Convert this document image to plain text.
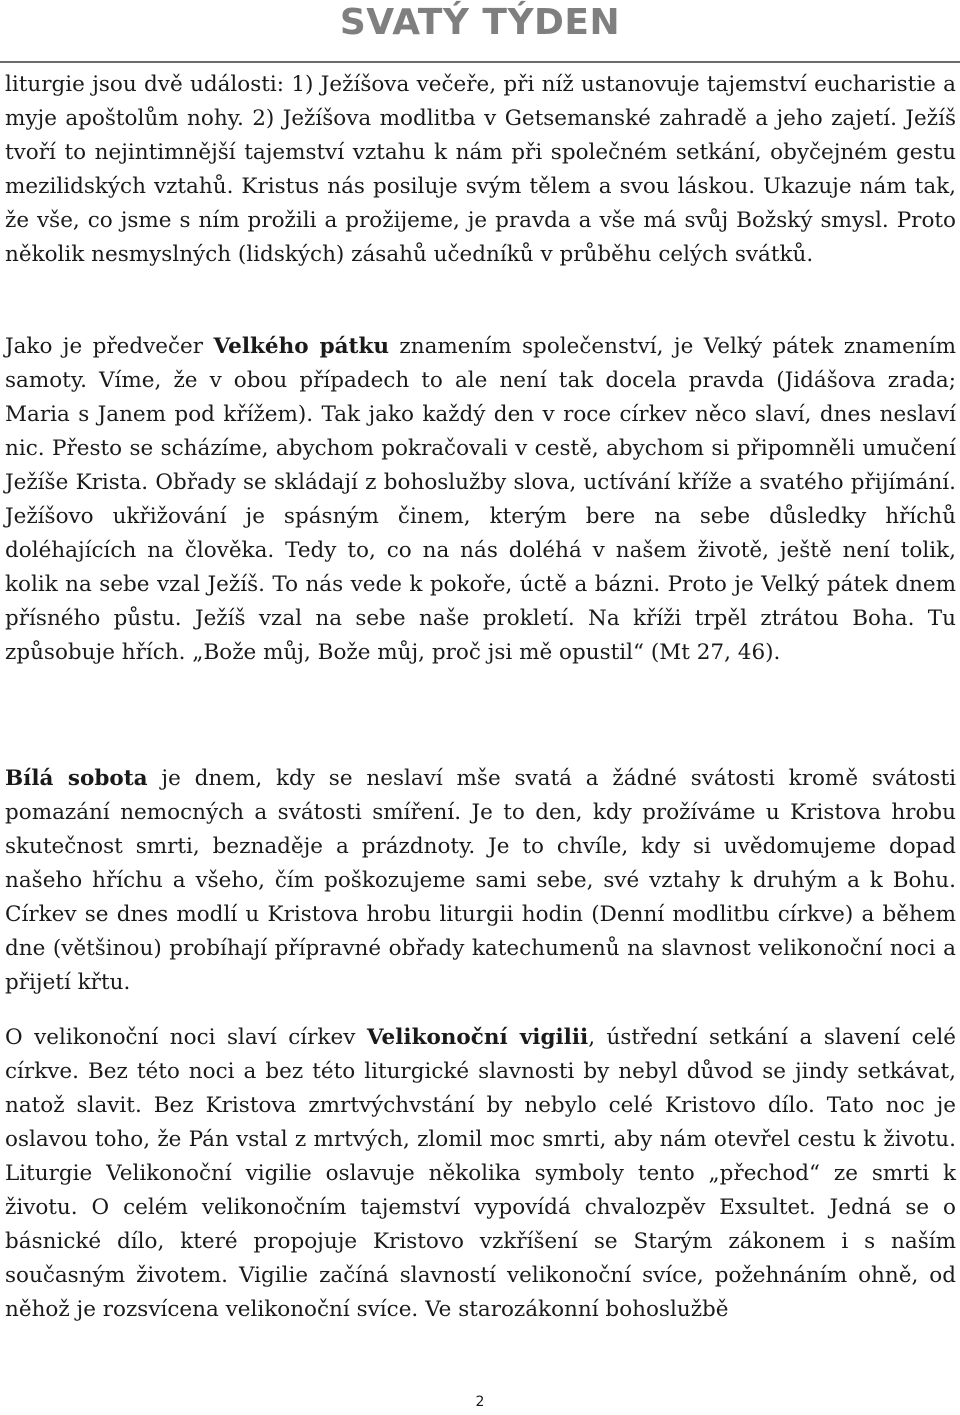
SVATÝ TÝDEN
liturgie jsou dvě události: 1) Ježíšova večeře, při níž ustanovuje tajemství eucharistie a myje apoštolům nohy. 2) Ježíšova modlitba v Getsemanské zahradě a jeho zajetí. Ježíš tvoří to nejintimnější tajemství vztahu k nám při společném setkání, obyčejném gestu mezilidských vztahů. Kristus nás posiluje svým tělem a svou láskou. Ukazuje nám tak, že vše, co jsme s ním prožili a prožijeme, je pravda a vše má svůj Božský smysl. Proto několik nesmyslných (lidských) zásahů učedníků v průběhu celých svátků.
Jako je předvečer Velkého pátku znamením společenství, je Velký pátek znamením samoty. Víme, že v obou případech to ale není tak docela pravda (Jidášova zrada; Maria s Janem pod křížem). Tak jako každý den v roce církev něco slaví, dnes neslaví nic. Přesto se scházíme, abychom pokračovali v cestě, abychom si připomněli umučení Ježíše Krista. Obřady se skládají z bohoslužby slova, uctívání kříže a svatého přijímání. Ježíšovo ukřižování je spásným činem, kterým bere na sebe důsledky hříchů doléhajících na člověka. Tedy to, co na nás doléhá v našem životě, ještě není tolik, kolik na sebe vzal Ježíš. To nás vede k pokoře, úctě a bázni. Proto je Velký pátek dnem přísného půstu. Ježíš vzal na sebe naše prokletí. Na kříži trpěl ztrátou Boha. Tu způsobuje hřích. „Bože můj, Bože můj, proč jsi mě opustil“ (Mt 27, 46).
Bílá sobota je dnem, kdy se neslaví mše svatá a žádné svátosti kromě svátosti pomazání nemocných a svátosti smíření. Je to den, kdy prožíváme u Kristova hrobu skutečnost smrti, beznaděje a prázdnoty. Je to chvíle, kdy si uvědomujeme dopad našeho hříchu a všeho, čím poškozujeme sami sebe, své vztahy k druhým a k Bohu. Církev se dnes modlí u Kristova hrobu liturgii hodin (Denní modlitbu církve) a během dne (většinou) probíhají přípravné obřady katechumenů na slavnost velikonoční noci a přijetí křtu.
O velikonoční noci slaví církev Velikonoční vigilii, ústřední setkání a slavení celé církve. Bez této noci a bez této liturgické slavnosti by nebyl důvod se jindy setkávat, natož slavit. Bez Kristova zmrtvýchvstání by nebylo celé Kristovo dílo. Tato noc je oslavou toho, že Pán vstal z mrtvých, zlomil moc smrti, aby nám otevřel cestu k životu. Liturgie Velikonoční vigilie oslavuje několika symboly tento „přechod“ ze smrti k životu. O celém velikonočním tajemství vypovídá chvalozpěv Exsultet. Jedná se o básnické dílo, které propojuje Kristovo vzkříšení se Starým zákonem i s naším současným životem. Vigilie začíná slavností velikonoční svíce, požehnáním ohně, od něhož je rozsvícena velikonoční svíce. Ve starozákonní bohoslužbě
2
